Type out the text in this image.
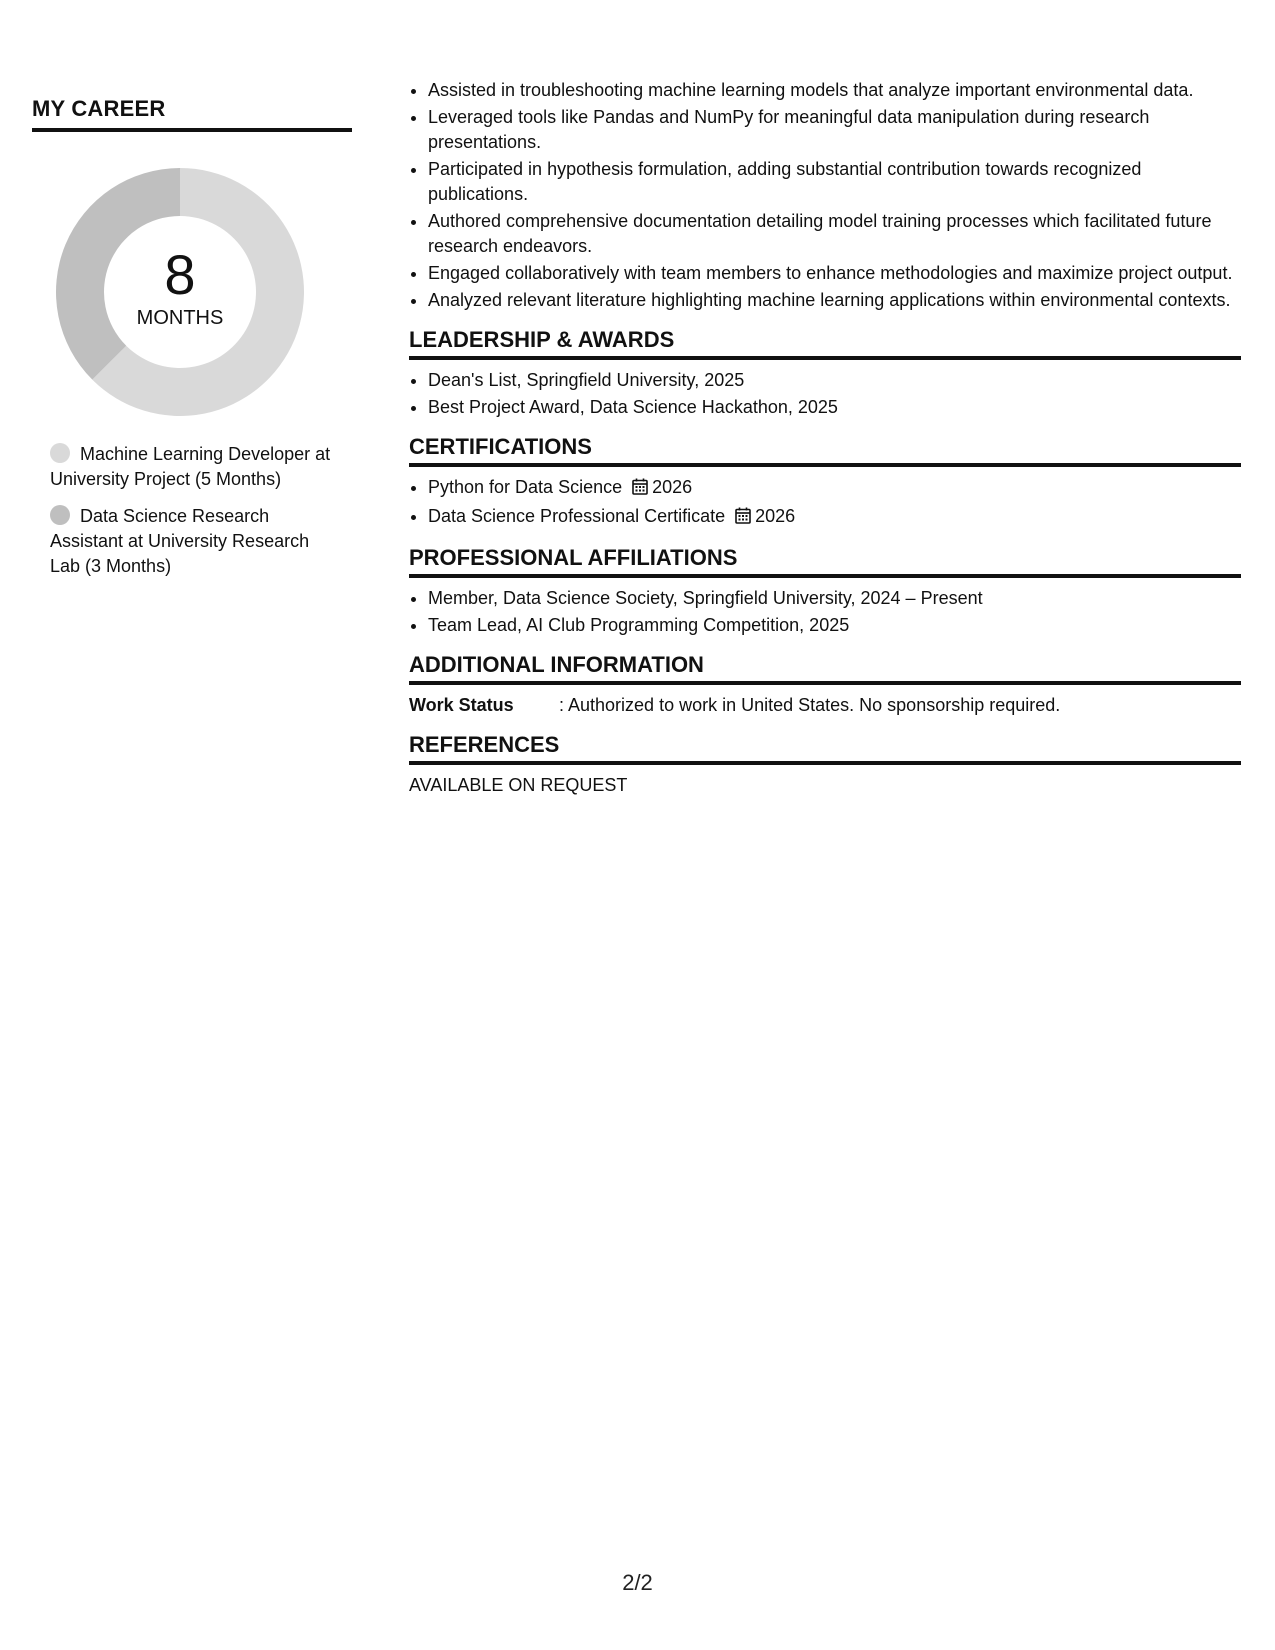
MY CAREER
8
MONTHS
Machine Learning Developer at University Project (5 Months)
Data Science Research Assistant at University Research Lab (3 Months)
• Assisted in troubleshooting machine learning models that analyze important environmental data.
• Leveraged tools like Pandas and NumPy for meaningful data manipulation during research presentations.
• Participated in hypothesis formulation, adding substantial contribution towards recognized publications.
• Authored comprehensive documentation detailing model training processes which facilitated future research endeavors.
• Engaged collaboratively with team members to enhance methodologies and maximize project output.
• Analyzed relevant literature highlighting machine learning applications within environmental contexts.
LEADERSHIP & AWARDS
• Dean's List, Springfield University, 2025
• Best Project Award, Data Science Hackathon, 2025
CERTIFICATIONS
• Python for Data Science 2026
• Data Science Professional Certificate 2026
PROFESSIONAL AFFILIATIONS
• Member, Data Science Society, Springfield University, 2024 – Present
• Team Lead, AI Club Programming Competition, 2025
ADDITIONAL INFORMATION
Work Status	: Authorized to work in United States. No sponsorship required.
REFERENCES
AVAILABLE ON REQUEST
2/2
